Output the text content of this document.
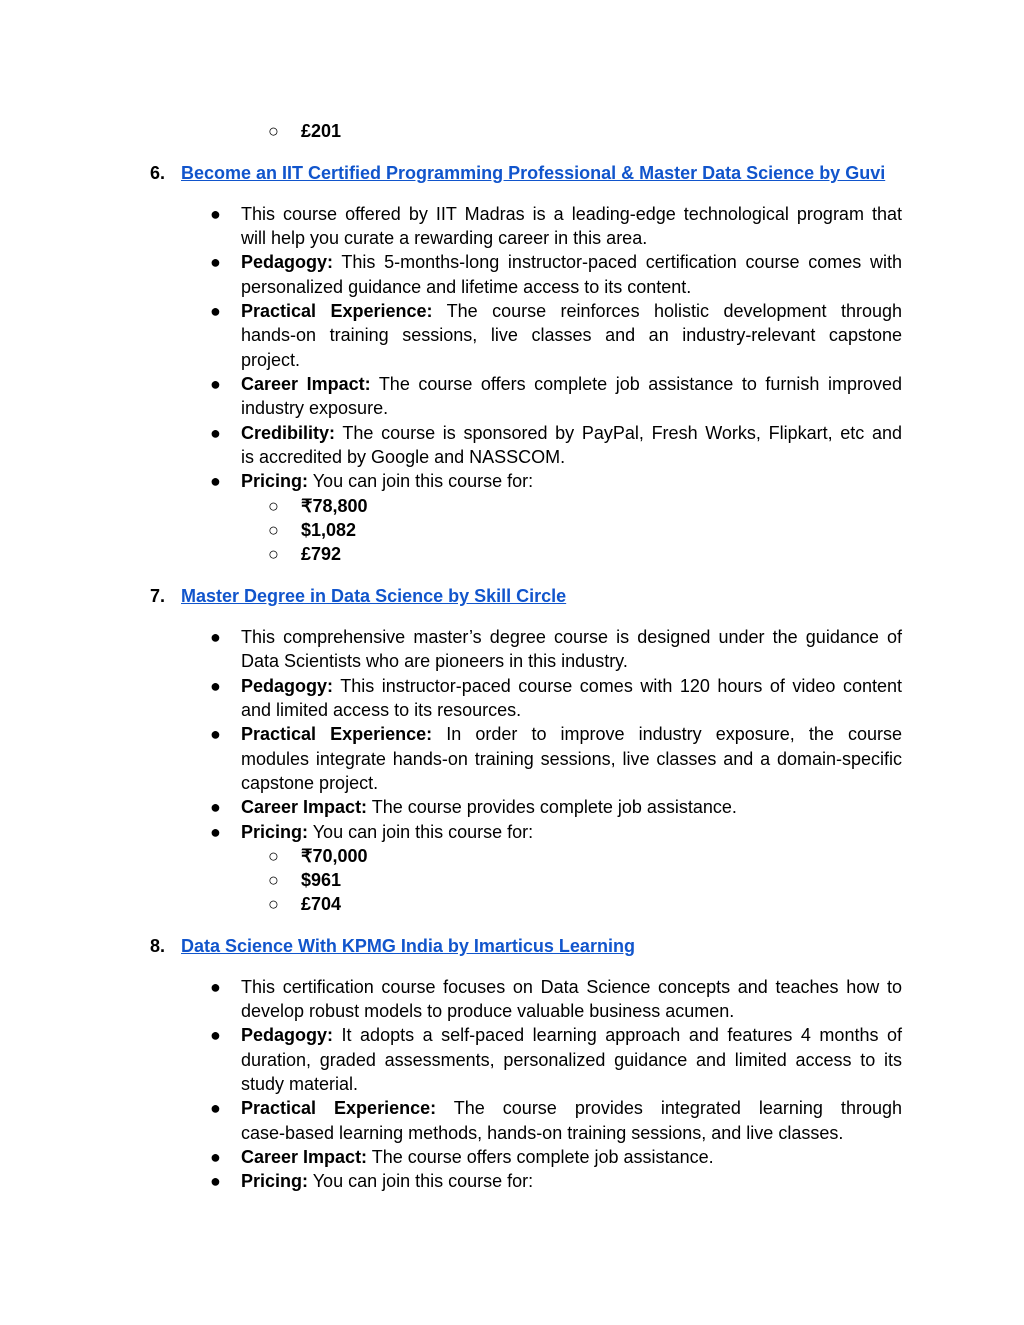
○ £201
6. Become an IIT Certified Programming Professional & Master Data Science by Guvi
● This course offered by IIT Madras is a leading-edge technological program that
will help you curate a rewarding career in this area.
● Pedagogy: This 5-months-long instructor-paced certification course comes with
personalized guidance and lifetime access to its content.
● Practical Experience: The course reinforces holistic development through
hands-on training sessions, live classes and an industry-relevant capstone
project.
● Career Impact: The course offers complete job assistance to furnish improved
industry exposure.
● Credibility: The course is sponsored by PayPal, Fresh Works, Flipkart, etc and
is accredited by Google and NASSCOM.
● Pricing: You can join this course for:
○ ₹78,800
○ $1,082
○ £792
7. Master Degree in Data Science by Skill Circle
● This comprehensive master’s degree course is designed under the guidance of
Data Scientists who are pioneers in this industry.
● Pedagogy: This instructor-paced course comes with 120 hours of video content
and limited access to its resources.
● Practical Experience: In order to improve industry exposure, the course
modules integrate hands-on training sessions, live classes and a domain-specific
capstone project.
● Career Impact: The course provides complete job assistance.
● Pricing: You can join this course for:
○ ₹70,000
○ $961
○ £704
8. Data Science With KPMG India by Imarticus Learning
● This certification course focuses on Data Science concepts and teaches how to
develop robust models to produce valuable business acumen.
● Pedagogy: It adopts a self-paced learning approach and features 4 months of
duration, graded assessments, personalized guidance and limited access to its
study material.
● Practical Experience: The course provides integrated learning through
case-based learning methods, hands-on training sessions, and live classes.
● Career Impact: The course offers complete job assistance.
● Pricing: You can join this course for:
